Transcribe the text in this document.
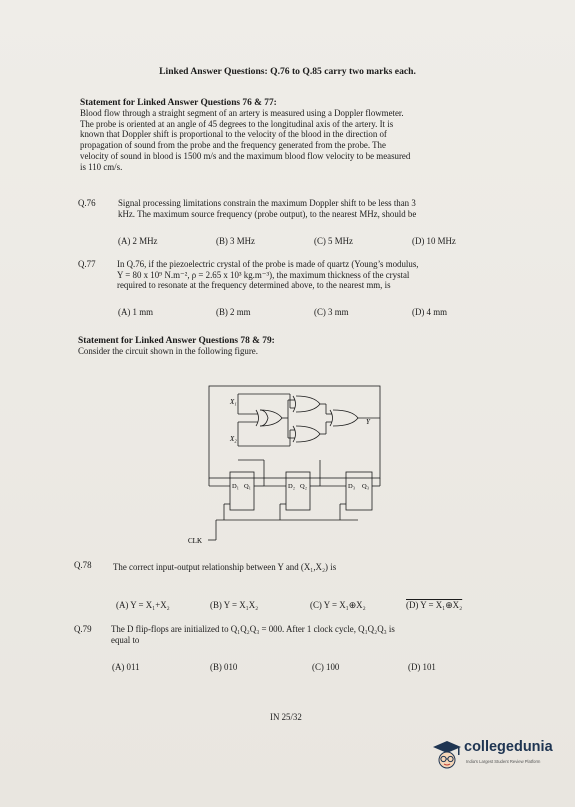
Linked Answer Questions: Q.76 to Q.85 carry two marks each.
Statement for Linked Answer Questions 76 & 77:
Blood flow through a straight segment of an artery is measured using a Doppler flowmeter.
The probe is oriented at an angle of 45 degrees to the longitudinal axis of the artery. It is
known that Doppler shift is proportional to the velocity of the blood in the direction of
propagation of sound from the probe and the frequency generated from the probe. The
velocity of sound in blood is 1500 m/s and the maximum blood flow velocity to be measured
is 110 cm/s.
Q.76	Signal processing limitations constrain the maximum Doppler shift to be less than 3
kHz. The maximum source frequency (probe output), to the nearest MHz, should be
(A) 2 MHz	(B) 3 MHz	(C) 5 MHz	(D) 10 MHz
Q.77 In Q.76, if the piezoelectric crystal of the probe is made of quartz (Young’s modulus,
Y = 80 x 10⁹ N.m⁻², ρ = 2.65 x 10³ kg.m⁻³), the maximum thickness of the crystal
required to resonate at the frequency determined above, to the nearest mm, is
(A) 1 mm	(B) 2 mm	(C) 3 mm	(D) 4 mm
Statement for Linked Answer Questions 78 & 79:
Consider the circuit shown in the following figure.
X₁
X₂
Y
D₁ Q₁	D₂ Q₂	D₃ Q₃
CLK
Q.78 The correct input-output relationship between Y and (X₁,X₂) is
(A) Y = X₁+X₂	(B) Y = X₁X₂	(C) Y = X₁⊕X₂	(D) Y = X₁⊕X₂
Q.79 The D flip-flops are initialized to Q₁Q₂Q₃ = 000. After 1 clock cycle, Q₁Q₂Q₃ is
equal to
(A) 011	(B) 010	(C) 100	(D) 101
IN 25/32
collegedunia
India's Largest Student Review Platform
